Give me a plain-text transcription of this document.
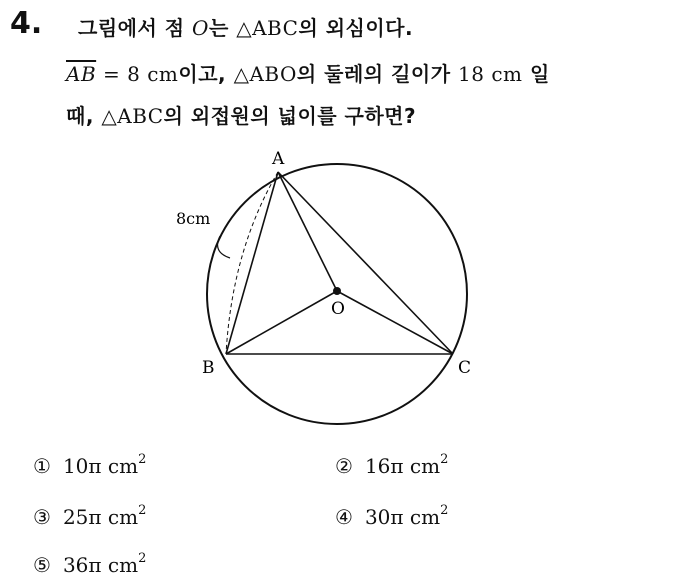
4. 그림에서 점 O는 △ABC의 외심이다.
$\overline{AB} = 8$ cm이고, △ABO의 둘레의 길이가 18 cm 일
때, △ABC의 외접원의 넓이를 구하면?
A
B	C
O
8cm
① 10π $cm^2$	② 16π $cm^2$
③ 25π $cm^2$	④ 30π $cm^2$
⑤ 36π $cm^2$
